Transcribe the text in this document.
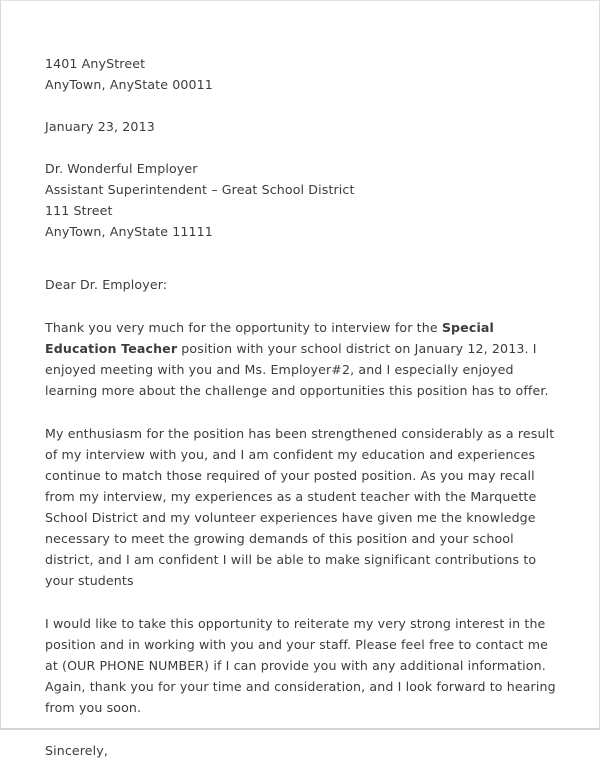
1401 AnyStreet
AnyTown, AnyState 00011
January 23, 2013
Dr. Wonderful Employer
Assistant Superintendent – Great School District
111 Street
AnyTown, AnyState 11111
Dear Dr. Employer:

Thank you very much for the opportunity to interview for the Special Education Teacher position with your school district on January 12, 2013. I enjoyed meeting with you and Ms. Employer#2, and I especially enjoyed learning more about the challenge and opportunities this position has to offer.

My enthusiasm for the position has been strengthened considerably as a result of my interview with you, and I am confident my education and experiences continue to match those required of your posted position. As you may recall from my interview, my experiences as a student teacher with the Marquette School District and my volunteer experiences have given me the knowledge necessary to meet the growing demands of this position and your school district, and I am confident I will be able to make significant contributions to your students

I would like to take this opportunity to reiterate my very strong interest in the position and in working with you and your staff. Please feel free to contact me at (OUR PHONE NUMBER) if I can provide you with any additional information. Again, thank you for your time and consideration, and I look forward to hearing from you soon.

Sincerely,
